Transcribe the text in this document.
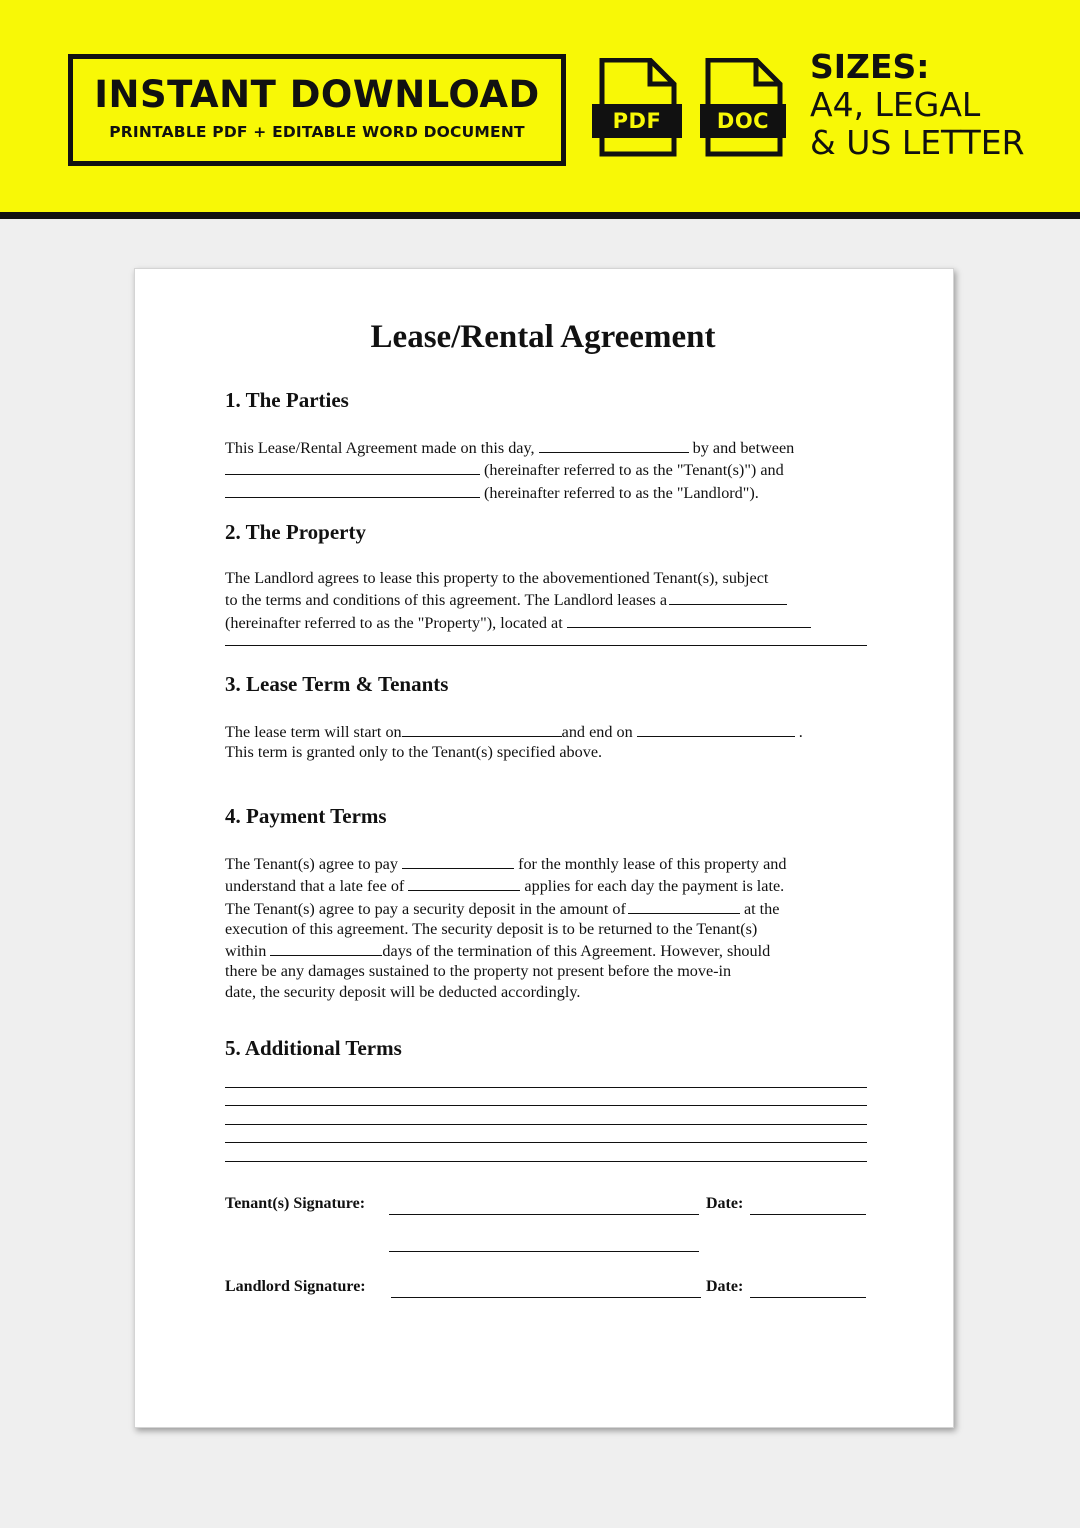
INSTANT DOWNLOAD
PRINTABLE PDF + EDITABLE WORD DOCUMENT	PDF	DOC
SIZES:
A4, LEGAL
& US LETTER
Lease/Rental Agreement
1. The Parties
This Lease/Rental Agreement made on this day,	by and between
(hereinafter referred to as the "Tenant(s)") and
(hereinafter referred to as the "Landlord").
2. The Property
The Landlord agrees to lease this property to the abovementioned Tenant(s), subject
to the terms and conditions of this agreement. The Landlord leases a
(hereinafter referred to as the "Property"), located at
3. Lease Term & Tenants
The lease term will start on	and end on	.
This term is granted only to the Tenant(s) specified above.
4. Payment Terms
The Tenant(s) agree to pay	for the monthly lease of this property and
understand that a late fee of	applies for each day the payment is late.
The Tenant(s) agree to pay a security deposit in the amount of	at the
execution of this agreement. The security deposit is to be returned to the Tenant(s)
within	days of the termination of this Agreement. However, should
there be any damages sustained to the property not present before the move-in
date, the security deposit will be deducted accordingly.
5. Additional Terms
Tenant(s) Signature:	Date:
Landlord Signature:	Date:
